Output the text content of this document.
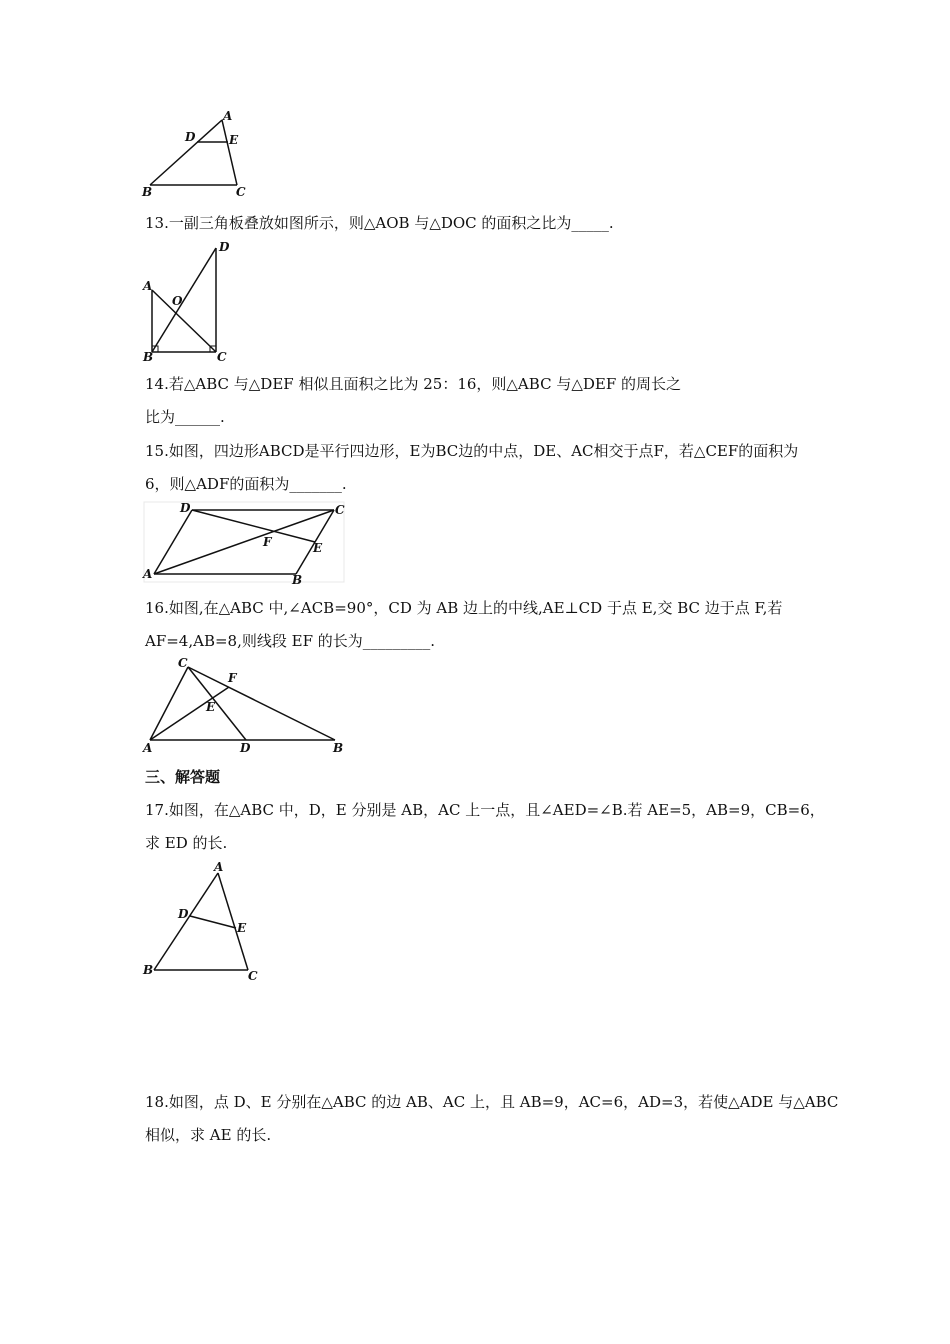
A
D	E
B	C
13.一副三角板叠放如图所示，则△AOB 与△DOC 的面积之比为_____.
D
A
O
B	C
14.若△ABC 与△DEF 相似且面积之比为 25：16，则△ABC 与△DEF 的周长之
比为______.
15.如图，四边形ABCD是平行四边形，E为BC边的中点，DE、AC相交于点F，若△CEF的面积为
6，则△ADF的面积为_______.
D	C
F	E
A	B
16.如图,在△ABC 中,∠ACB=90°，CD 为 AB 边上的中线,AE⊥CD 于点 E,交 BC 边于点 F,若
AF=4,AB=8,则线段 EF 的长为_________.
C
F
E
A	D	B
三、解答题
17.如图，在△ABC 中，D，E 分别是 AB，AC 上一点，且∠AED=∠B.若 AE=5，AB=9，CB=6，
求 ED 的长.
A
D
E
B	C
18.如图，点 D、E 分别在△ABC 的边 AB、AC 上，且 AB=9，AC=6，AD=3，若使△ADE 与△ABC
相似，求 AE 的长.
